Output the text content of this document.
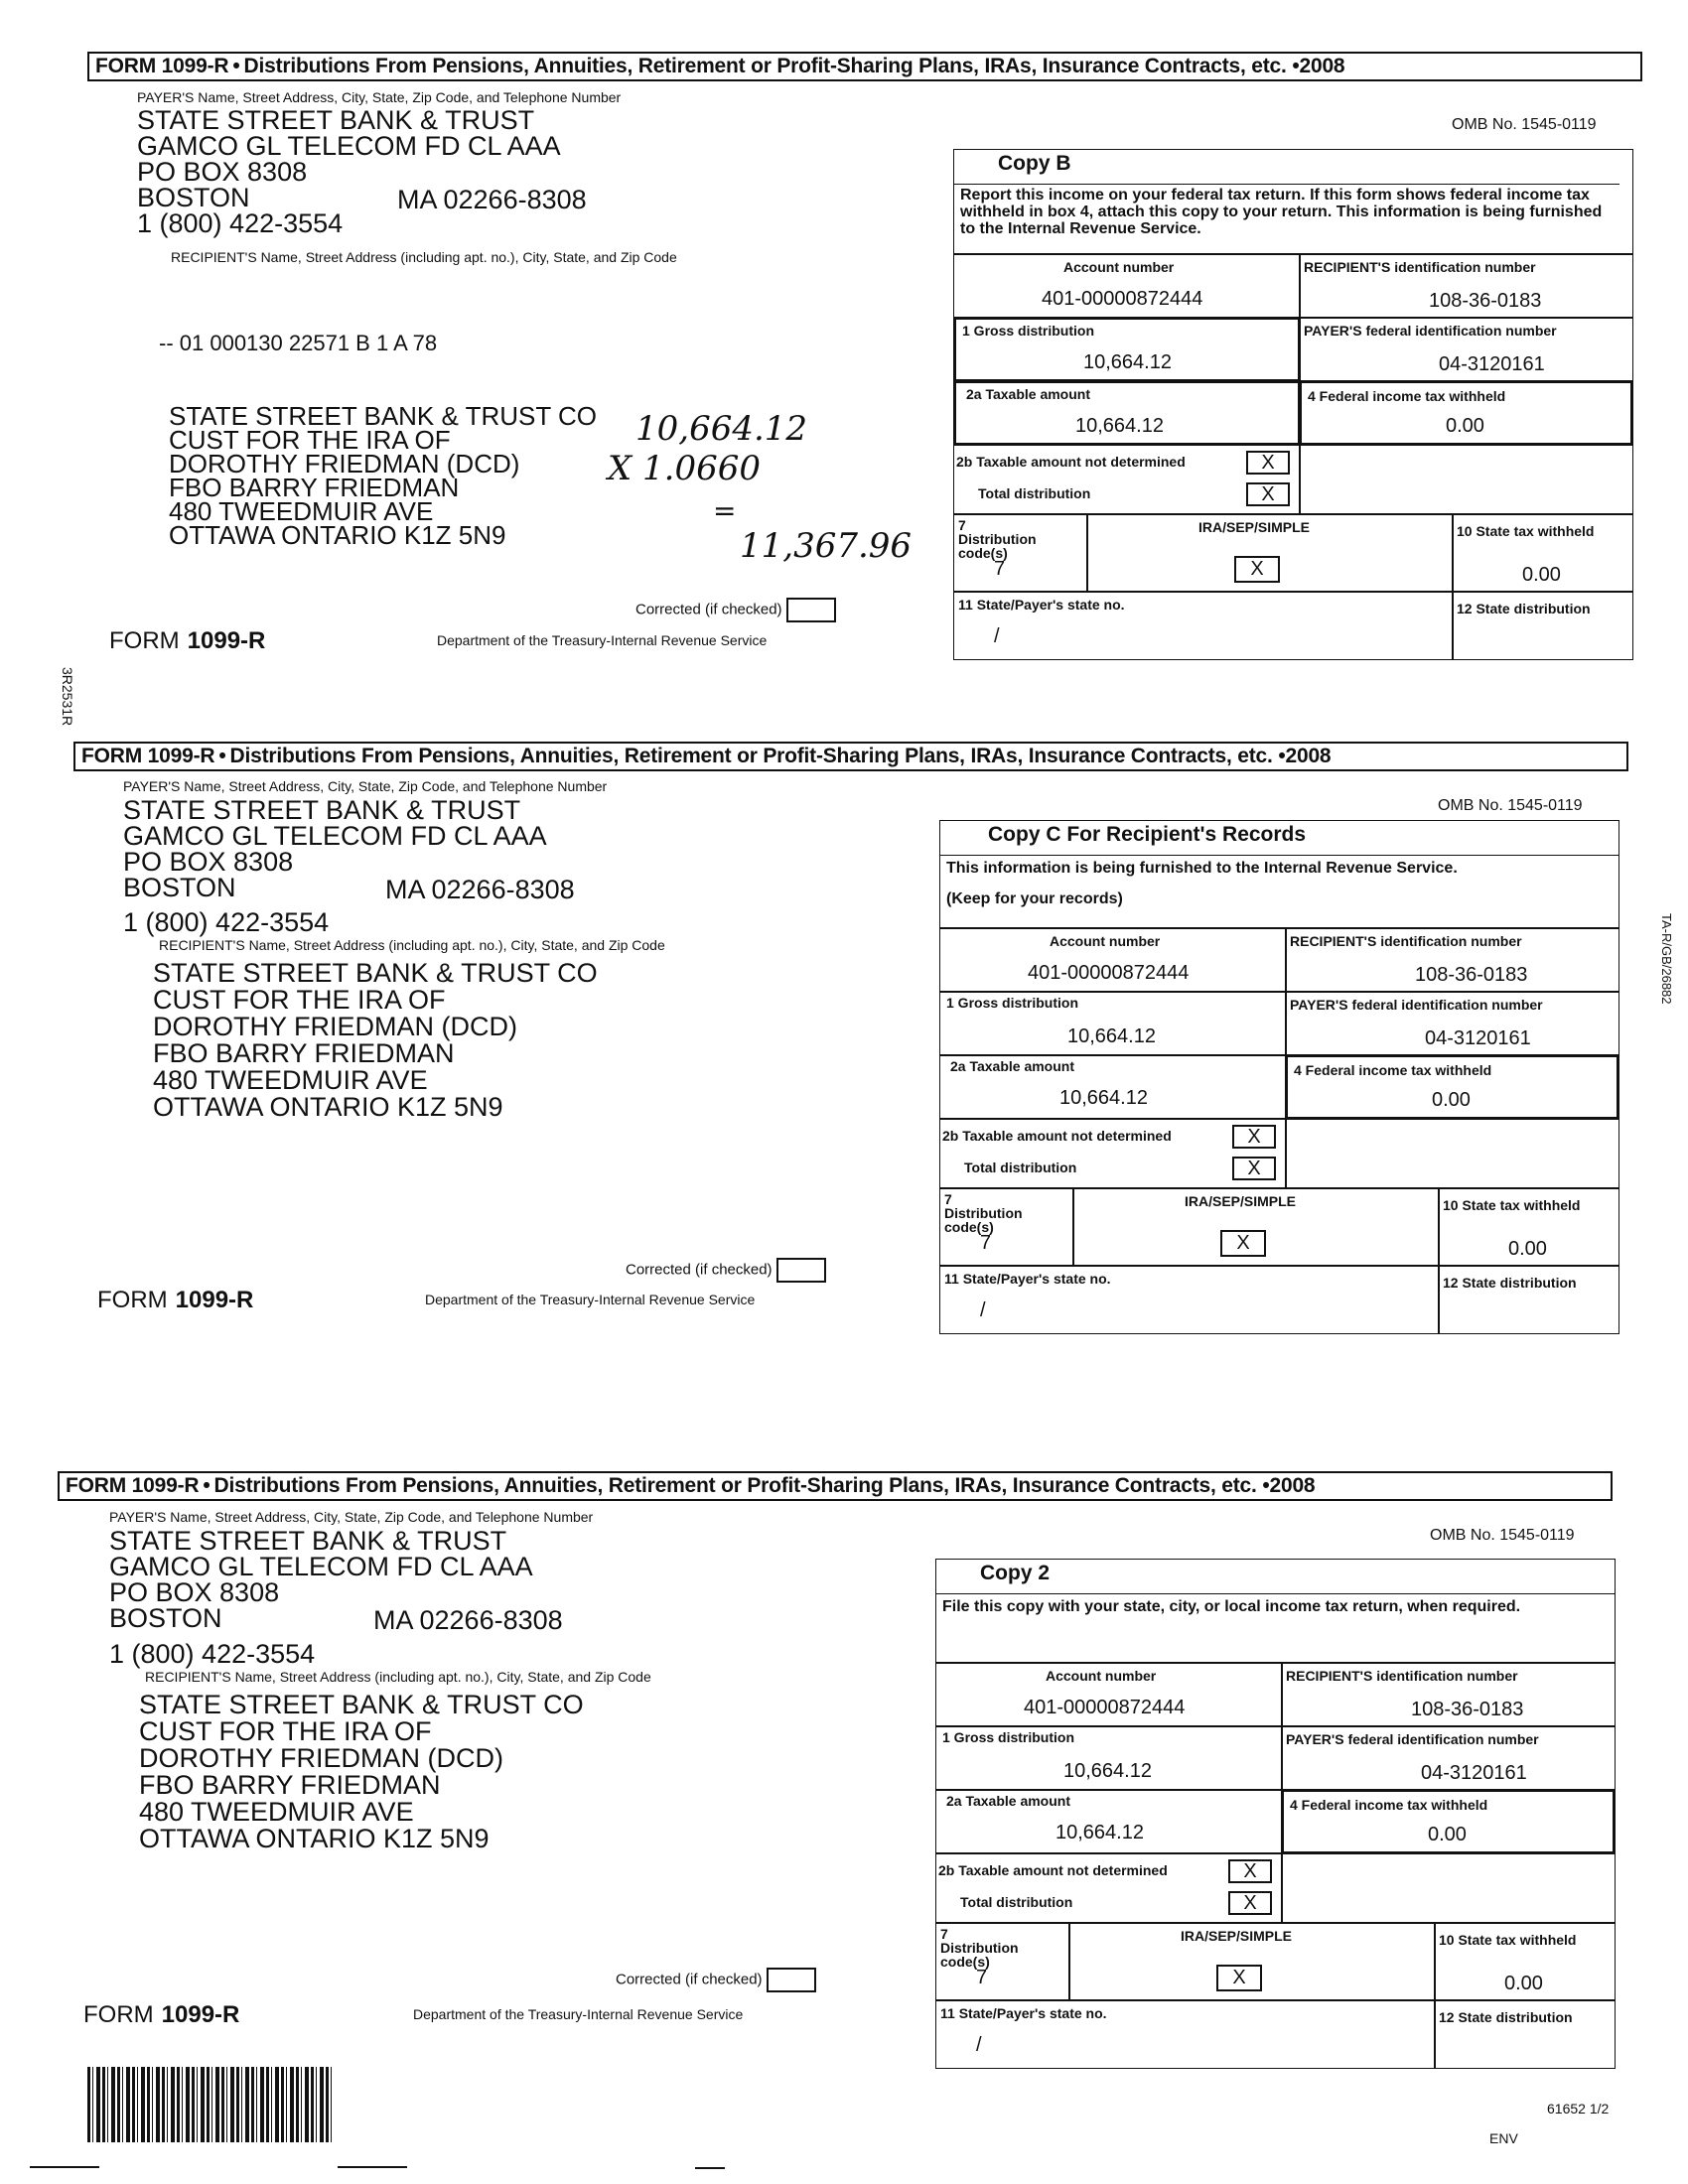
FORM 1099-R • Distributions From Pensions, Annuities, Retirement or Profit-Sharing Plans, IRAs, Insurance Contracts, etc. •2008
PAYER'S Name, Street Address, City, State, Zip Code, and Telephone Number
STATE STREET BANK & TRUST
GAMCO GL TELECOM FD CL AAA
PO BOX 8308
BOSTON	MA 02266-8308
1 (800) 422-3554
RECIPIENT'S Name, Street Address (including apt. no.), City, State, and Zip Code
-- 01 000130 22571 B 1 A 78
STATE STREET BANK & TRUST CO
CUST FOR THE IRA OF
DOROTHY FRIEDMAN (DCD)
FBO BARRY FRIEDMAN
480 TWEEDMUIR AVE
OTTAWA ONTARIO K1Z 5N9
10,664.12
X 1.0660
11,367.96
=
Corrected (if checked)
FORM 1099-R	Department of the Treasury-Internal Revenue Service
OMB No. 1545-0119
Copy B
Report this income on your federal tax return. If this form shows federal income tax withheld in box 4, attach this copy to your return. This information is being furnished to the Internal Revenue Service.
Account number
401-00000872444
RECIPIENT'S identification number
108-36-0183
1 Gross distribution
10,664.12
PAYER'S federal identification number
04-3120161
2a Taxable amount
10,664.12
4 Federal income tax withheld
0.00
2b Taxable amount not determined	X
Total distribution	X
7 Distribution code(s)
7
IRA/SEP/SIMPLE
X
10 State tax withheld
0.00
11 State/Payer's state no.
/
12 State distribution
3R2531R
FORM 1099-R • Distributions From Pensions, Annuities, Retirement or Profit-Sharing Plans, IRAs, Insurance Contracts, etc. •2008
PAYER'S Name, Street Address, City, State, Zip Code, and Telephone Number
STATE STREET BANK & TRUST
GAMCO GL TELECOM FD CL AAA
PO BOX 8308
BOSTON	MA 02266-8308
1 (800) 422-3554
RECIPIENT'S Name, Street Address (including apt. no.), City, State, and Zip Code
STATE STREET BANK & TRUST CO
CUST FOR THE IRA OF
DOROTHY FRIEDMAN (DCD)
FBO BARRY FRIEDMAN
480 TWEEDMUIR AVE
OTTAWA ONTARIO K1Z 5N9
Corrected (if checked)
FORM 1099-R	Department of the Treasury-Internal Revenue Service
OMB No. 1545-0119
Copy C For Recipient's Records
This information is being furnished to the Internal Revenue Service.
(Keep for your records)
Account number
401-00000872444
RECIPIENT'S identification number
108-36-0183
1 Gross distribution
10,664.12
PAYER'S federal identification number
04-3120161
2a Taxable amount
10,664.12
4 Federal income tax withheld
0.00
2b Taxable amount not determined	X
Total distribution	X
7 Distribution code(s)
7
IRA/SEP/SIMPLE
X
10 State tax withheld
0.00
11 State/Payer's state no.
/
12 State distribution
TA-R/GB/26882
FORM 1099-R • Distributions From Pensions, Annuities, Retirement or Profit-Sharing Plans, IRAs, Insurance Contracts, etc. •2008
PAYER'S Name, Street Address, City, State, Zip Code, and Telephone Number
STATE STREET BANK & TRUST
GAMCO GL TELECOM FD CL AAA
PO BOX 8308
BOSTON	MA 02266-8308
1 (800) 422-3554
RECIPIENT'S Name, Street Address (including apt. no.), City, State, and Zip Code
STATE STREET BANK & TRUST CO
CUST FOR THE IRA OF
DOROTHY FRIEDMAN (DCD)
FBO BARRY FRIEDMAN
480 TWEEDMUIR AVE
OTTAWA ONTARIO K1Z 5N9
Corrected (if checked)
FORM 1099-R	Department of the Treasury-Internal Revenue Service
OMB No. 1545-0119
Copy 2
File this copy with your state, city, or local income tax return, when required.
Account number
401-00000872444
RECIPIENT'S identification number
108-36-0183
1 Gross distribution
10,664.12
PAYER'S federal identification number
04-3120161
2a Taxable amount
10,664.12
4 Federal income tax withheld
0.00
2b Taxable amount not determined	X
Total distribution	X
7 Distribution code(s)
7
IRA/SEP/SIMPLE
X
10 State tax withheld
0.00
11 State/Payer's state no.
/
12 State distribution
61652 1/2
ENV
